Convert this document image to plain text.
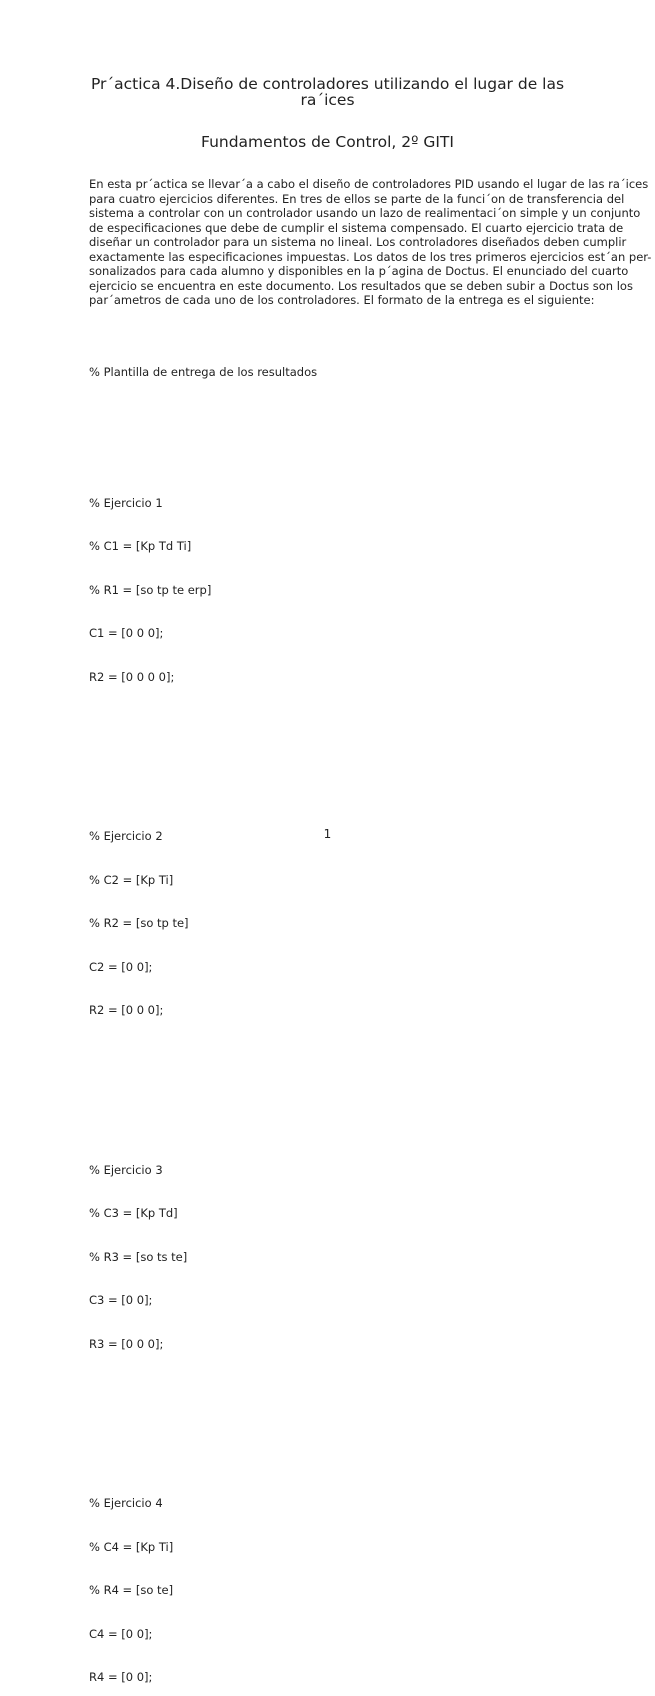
Pr´actica 4.Diseño de controladores utilizando el lugar de las
ra´ices
Fundamentos de Control, 2º GITI
En esta pr´actica se llevar´a a cabo el diseño de controladores PID usando el lugar de las ra´ices
para cuatro ejercicios diferentes. En tres de ellos se parte de la funci´on de transferencia del
sistema a controlar con un controlador usando un lazo de realimentaci´on simple y un conjunto
de especificaciones que debe de cumplir el sistema compensado. El cuarto ejercicio trata de
diseñar un controlador para un sistema no lineal. Los controladores diseñados deben cumplir
exactamente las especificaciones impuestas. Los datos de los tres primeros ejercicios est´an per-
sonalizados para cada alumno y disponibles en la p´agina de Doctus. El enunciado del cuarto
ejercicio se encuentra en este documento. Los resultados que se deben subir a Doctus son los
par´ametros de cada uno de los controladores. El formato de la entrega es el siguiente:

% Plantilla de entrega de los resultados

% Ejercicio 1

% C1 = [Kp Td Ti]

% R1 = [so tp te erp]

C1 = [0 0 0];

R2 = [0 0 0 0];

% Ejercicio 2

% C2 = [Kp Ti]

% R2 = [so tp te]

C2 = [0 0];

R2 = [0 0 0];

% Ejercicio 3

% C3 = [Kp Td]

% R3 = [so ts te]

C3 = [0 0];

R3 = [0 0 0];

% Ejercicio 4

% C4 = [Kp Ti]

% R4 = [so te]

C4 = [0 0];

R4 = [0 0];

1
